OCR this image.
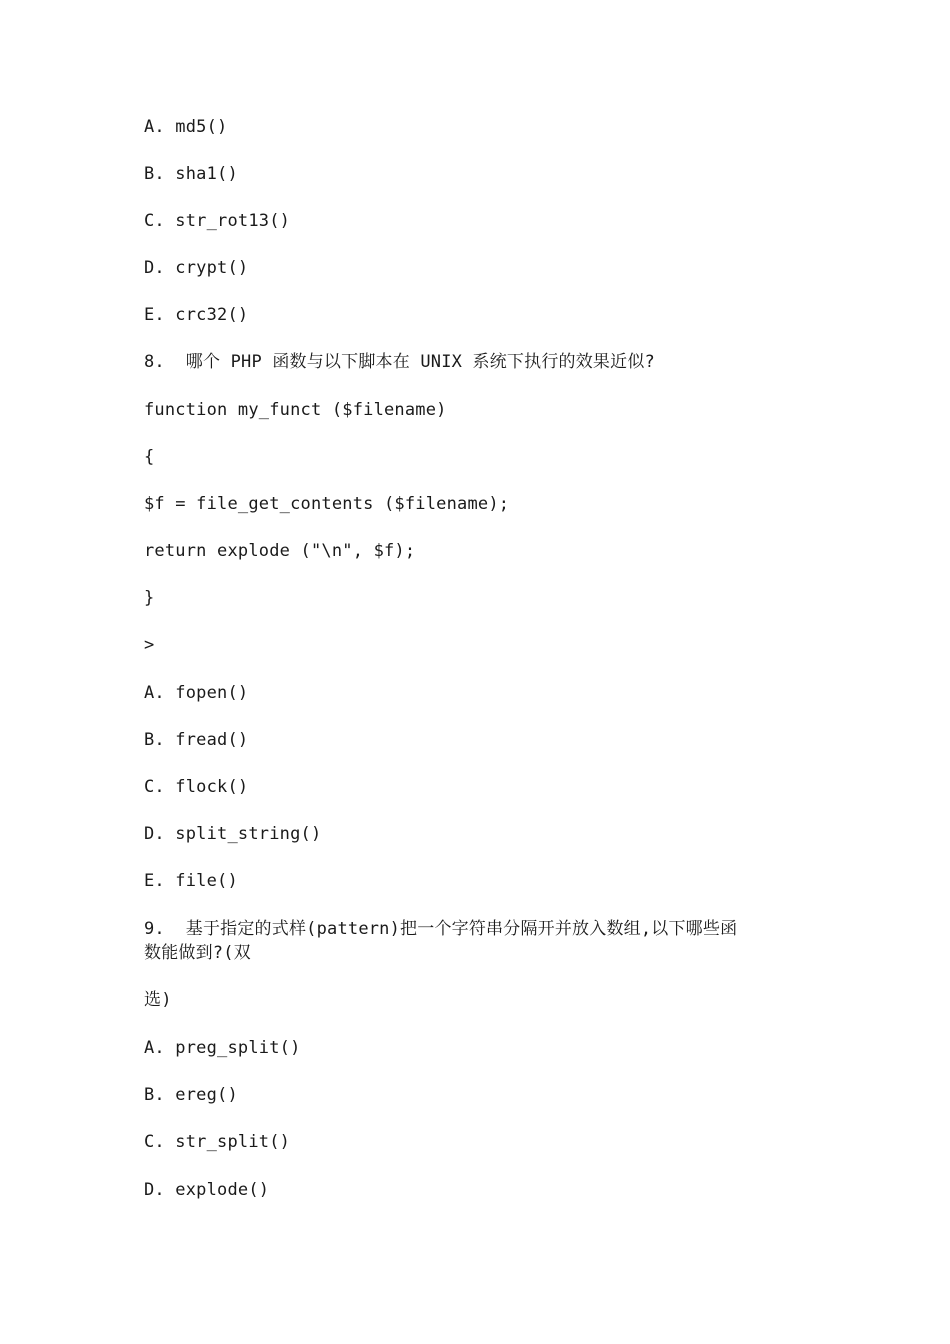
A. md5()
B. sha1()
C. str_rot13()
D. crypt()
E. crc32()
8.  哪个 PHP 函数与以下脚本在 UNIX 系统下执行的效果近似?
function my_funct ($filename)
{
$f = file_get_contents ($filename);
return explode ("\n", $f);
}
>
A. fopen()
B. fread()
C. flock()
D. split_string()
E. file()
9.  基于指定的式样(pattern)把一个字符串分隔开并放入数组,以下哪些函
数能做到?(双
选)
A. preg_split()
B. ereg()
C. str_split()
D. explode()
